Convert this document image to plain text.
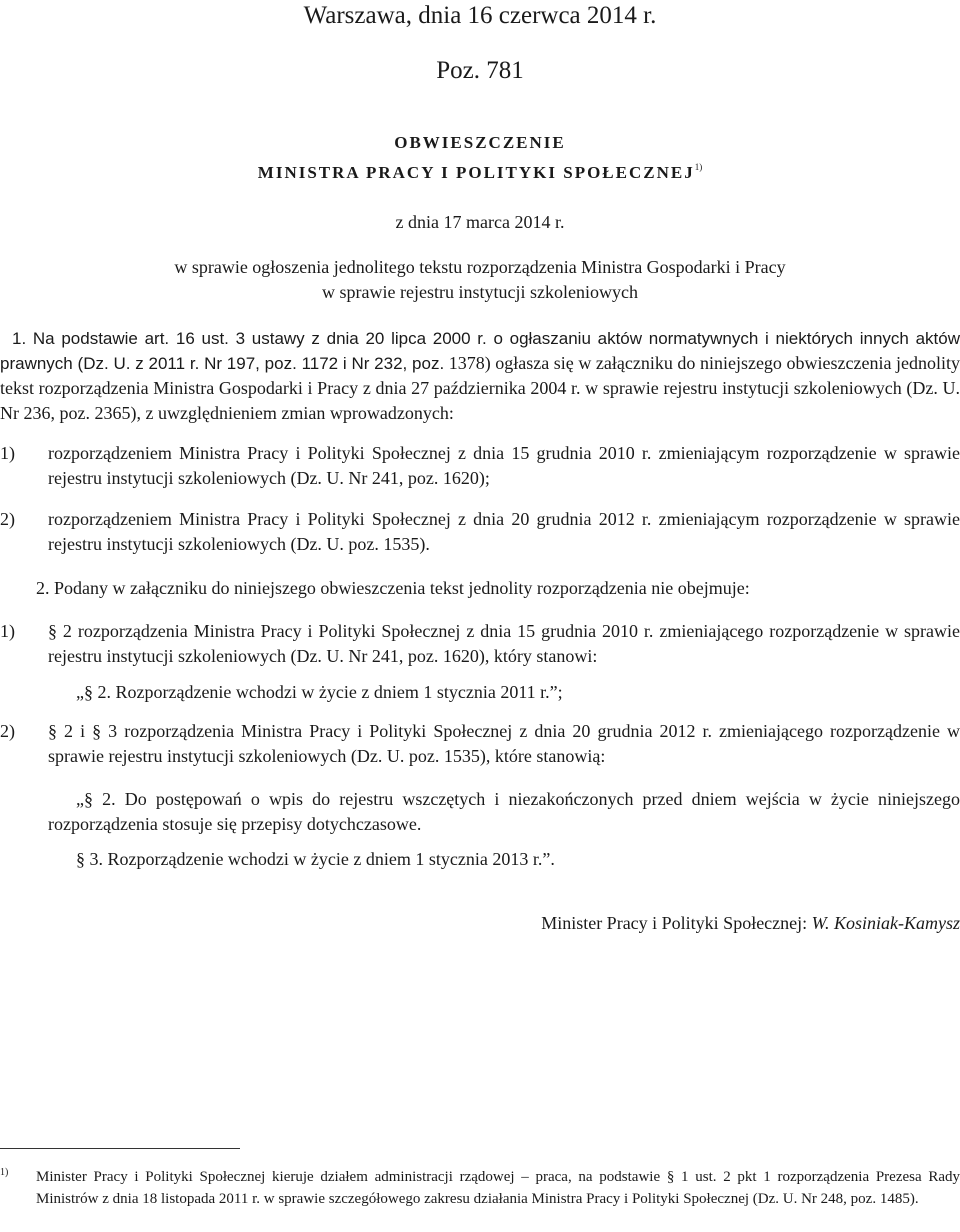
Warszawa, dnia 16 czerwca 2014 r.
Poz. 781
OBWIESZCZENIE
MINISTRA PRACY I POLITYKI SPOŁECZNEJ$^{1)}$
z dnia 17 marca 2014 r.
w sprawie ogłoszenia jednolitego tekstu rozporządzenia Ministra Gospodarki i Pracy
w sprawie rejestru instytucji szkoleniowych
1. Na podstawie art. 16 ust. 3 ustawy z dnia 20 lipca 2000 r. o ogłaszaniu aktów normatywnych i niektórych innych aktów prawnych (Dz. U. z 2011 r. Nr 197, poz. 1172 i Nr 232, poz. 1378) ogłasza się w załączniku do niniejszego obwieszczenia jednolity tekst rozporządzenia Ministra Gospodarki i Pracy z dnia 27 października 2004 r. w sprawie rejestru instytucji szkoleniowych (Dz. U. Nr 236, poz. 2365), z uwzględnieniem zmian wprowadzonych:
1) rozporządzeniem Ministra Pracy i Polityki Społecznej z dnia 15 grudnia 2010 r. zmieniającym rozporządzenie w sprawie rejestru instytucji szkoleniowych (Dz. U. Nr 241, poz. 1620);
2) rozporządzeniem Ministra Pracy i Polityki Społecznej z dnia 20 grudnia 2012 r. zmieniającym rozporządzenie w sprawie rejestru instytucji szkoleniowych (Dz. U. poz. 1535).
2. Podany w załączniku do niniejszego obwieszczenia tekst jednolity rozporządzenia nie obejmuje:
1) § 2 rozporządzenia Ministra Pracy i Polityki Społecznej z dnia 15 grudnia 2010 r. zmieniającego rozporządzenie w sprawie rejestru instytucji szkoleniowych (Dz. U. Nr 241, poz. 1620), który stanowi:
„§ 2. Rozporządzenie wchodzi w życie z dniem 1 stycznia 2011 r.”;
2) § 2 i § 3 rozporządzenia Ministra Pracy i Polityki Społecznej z dnia 20 grudnia 2012 r. zmieniającego rozporządzenie w sprawie rejestru instytucji szkoleniowych (Dz. U. poz. 1535), które stanowią:
„§ 2. Do postępowań o wpis do rejestru wszczętych i niezakończonych przed dniem wejścia w życie niniejszego rozporządzenia stosuje się przepisy dotychczasowe.
§ 3. Rozporządzenie wchodzi w życie z dniem 1 stycznia 2013 r.”.
Minister Pracy i Polityki Społecznej: W. Kosiniak-Kamysz
1) Minister Pracy i Polityki Społecznej kieruje działem administracji rządowej – praca, na podstawie § 1 ust. 2 pkt 1 rozporządzenia Prezesa Rady Ministrów z dnia 18 listopada 2011 r. w sprawie szczegółowego zakresu działania Ministra Pracy i Polityki Społecznej (Dz. U. Nr 248, poz. 1485).
